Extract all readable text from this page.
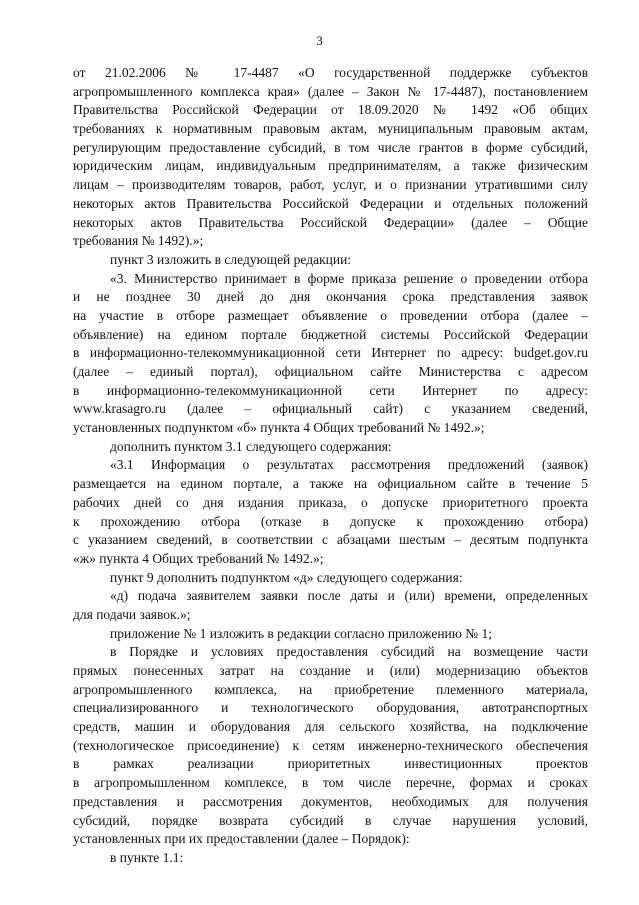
3
от 21.02.2006 № 17-4487 «О государственной поддержке субъектов
агропромышленного комплекса края» (далее – Закон № 17-4487), постановлением
Правительства Российской Федерации от 18.09.2020 № 1492 «Об общих
требованиях к нормативным правовым актам, муниципальным правовым актам,
регулирующим предоставление субсидий, в том числе грантов в форме субсидий,
юридическим лицам, индивидуальным предпринимателям, а также физическим
лицам – производителям товаров, работ, услуг, и о признании утратившими силу
некоторых актов Правительства Российской Федерации и отдельных положений
некоторых актов Правительства Российской Федерации» (далее – Общие
требования № 1492).»;
пункт 3 изложить в следующей редакции:
«3. Министерство принимает в форме приказа решение о проведении отбора
и не позднее 30 дней до дня окончания срока представления заявок
на участие в отборе размещает объявление о проведении отбора (далее –
объявление) на едином портале бюджетной системы Российской Федерации
в информационно-телекоммуникационной сети Интернет по адресу: budget.gov.ru
(далее – единый портал), официальном сайте Министерства с адресом
в информационно-телекоммуникационной сети Интернет по адресу:
www.krasagro.ru (далее – официальный сайт) с указанием сведений,
установленных подпунктом «б» пункта 4 Общих требований № 1492.»;
дополнить пунктом 3.1 следующего содержания:
«3.1 Информация о результатах рассмотрения предложений (заявок)
размещается на едином портале, а также на официальном сайте в течение 5
рабочих дней со дня издания приказа, о допуске приоритетного проекта
к прохождению отбора (отказе в допуске к прохождению отбора)
с указанием сведений, в соответствии с абзацами шестым – десятым подпункта
«ж» пункта 4 Общих требований № 1492.»;
пункт 9 дополнить подпунктом «д» следующего содержания:
«д) подача заявителем заявки после даты и (или) времени, определенных
для подачи заявок.»;
приложение № 1 изложить в редакции согласно приложению № 1;
в Порядке и условиях предоставления субсидий на возмещение части
прямых понесенных затрат на создание и (или) модернизацию объектов
агропромышленного комплекса, на приобретение племенного материала,
специализированного и технологического оборудования, автотранспортных
средств, машин и оборудования для сельского хозяйства, на подключение
(технологическое присоединение) к сетям инженерно-технического обеспечения
в рамках реализации приоритетных инвестиционных проектов
в агропромышленном комплексе, в том числе перечне, формах и сроках
представления и рассмотрения документов, необходимых для получения
субсидий, порядке возврата субсидий в случае нарушения условий,
установленных при их предоставлении (далее – Порядок):
в пункте 1.1:
